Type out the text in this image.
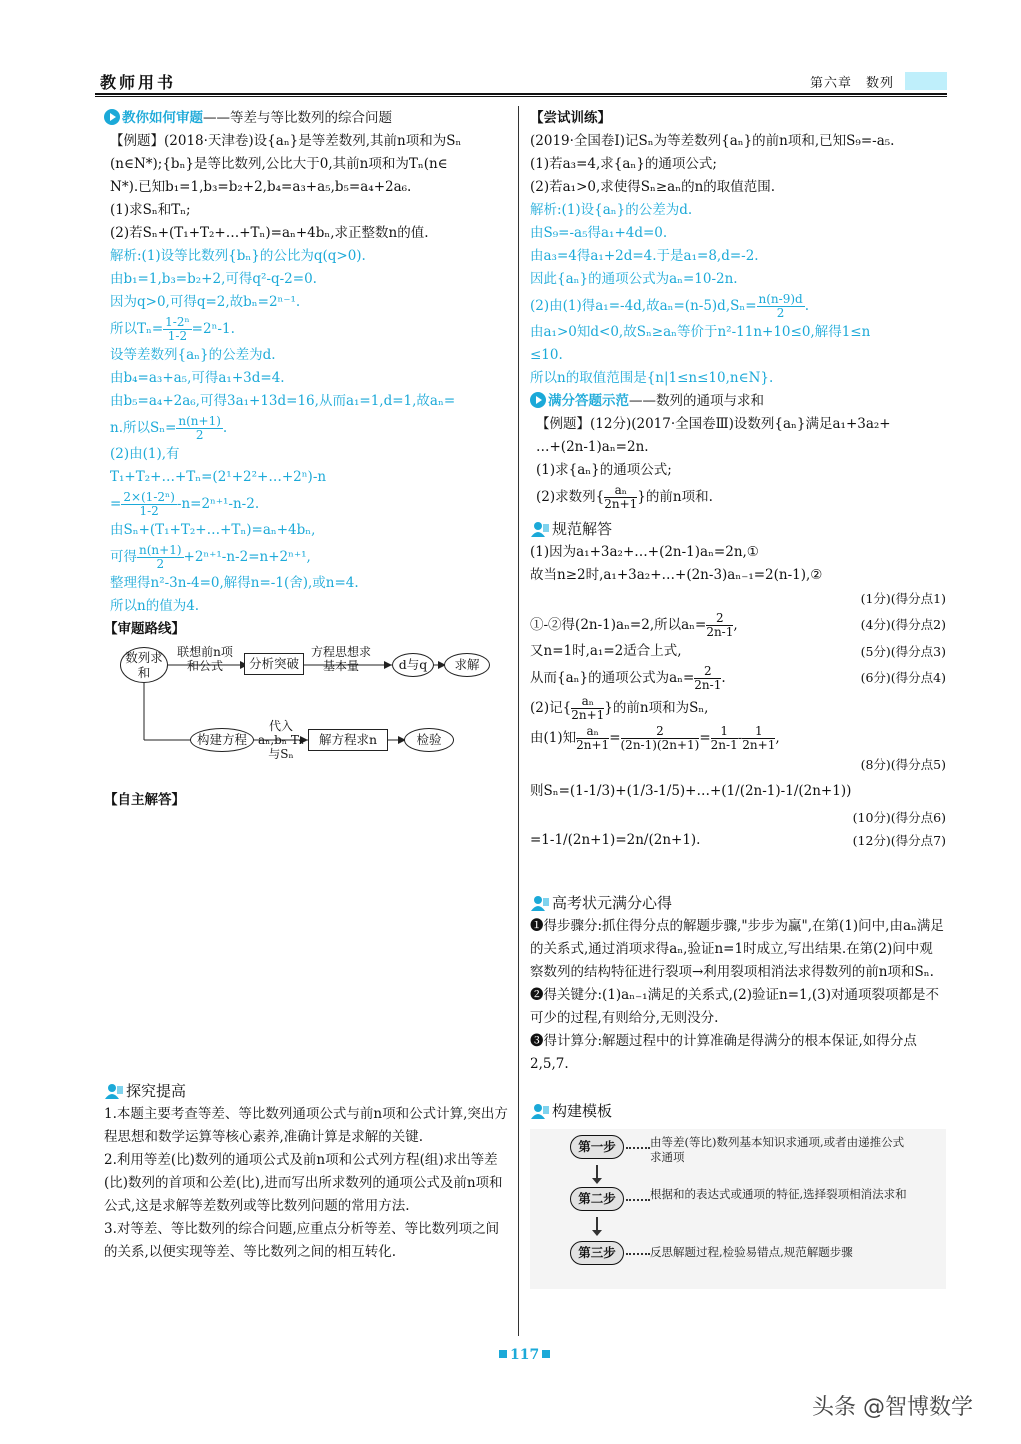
教师用书	第六章　数列
教你如何审题——等差与等比数列的综合问题
【例题】(2018·天津卷)设{aₙ}是等差数列,其前n项和为Sₙ
(n∈N*);{bₙ}是等比数列,公比大于0,其前n项和为Tₙ(n∈
N*).已知b₁=1,b₃=b₂+2,b₄=a₃+a₅,b₅=a₄+2a₆.
(1)求Sₙ和Tₙ;
(2)若Sₙ+(T₁+T₂+…+Tₙ)=aₙ+4bₙ,求正整数n的值.
解析:(1)设等比数列{bₙ}的公比为q(q>0).
由b₁=1,b₃=b₂+2,可得q²-q-2=0.
因为q>0,可得q=2,故bₙ=2ⁿ⁻¹.
所以$T_n= \frac{\text{1-2ⁿ}}{1-2} =2^n-1$.
设等差数列{aₙ}的公差为d.
由b₄=a₃+a₅,可得a₁+3d=4.
由b₅=a₄+2a₆,可得3a₁+13d=16,从而a₁=1,d=1,故aₙ=
n.所以$S_n= \frac{n(n+1)}{2}$ .
(2)由(1),有
T₁+T₂+…+Tₙ=(2¹+2²+…+2ⁿ)-n
= $\frac{\text{2×(1-2ⁿ)}}{1-2} -n=2^{n+1}-n-2$.
由Sₙ+(T₁+T₂+…+Tₙ)=aₙ+4bₙ,
可得 $\frac{n(n+1)}{2} +2^{n+1}-n-2=n+2^{n+1}$,
整理得n²-3n-4=0,解得n=-1(舍),或n=4.
所以n的值为4.
【审题路线】
数列求和
联想前n项和公式	分析突破
方程思想求基本量	d与q	求解
构建方程
代入aₙ,bₙ Tₙ与Sₙ
解方程求n	检验
【自主解答】
探究提高
1.本题主要考查等差、等比数列通项公式与前n项和公式计算,突出方程思想和数学运算等核心素养,准确计算是求解的关键.
2.利用等差(比)数列的通项公式及前n项和公式列方程(组)求出等差(比)数列的首项和公差(比),进而写出所求数列的通项公式及前n项和公式,这是求解等差数列或等比数列问题的常用方法.
3.对等差、等比数列的综合问题,应重点分析等差、等比数列项之间的关系,以便实现等差、等比数列之间的相互转化.
【尝试训练】
(2019·全国卷Ⅰ)记Sₙ为等差数列{aₙ}的前n项和,已知S₉=-a₅.
(1)若a₃=4,求{aₙ}的通项公式;
(2)若a₁>0,求使得Sₙ≥aₙ的n的取值范围.
解析:(1)设{aₙ}的公差为d.
由S₉=-a₅得a₁+4d=0.
由a₃=4得a₁+2d=4.于是a₁=8,d=-2.
因此{aₙ}的通项公式为aₙ=10-2n.
(2)由(1)得a₁=-4d,故$a_n=(n-5)d,S_n= \frac{n(n-9)d}{2}$ .
由a₁>0知d<0,故Sₙ≥aₙ等价于n²-11n+10≤0,解得1≤n
≤10.
所以n的取值范围是{n|1≤n≤10,n∈N}.
满分答题示范——数列的通项与求和
【例题】(12分)(2017·全国卷Ⅲ)设数列{aₙ}满足a₁+3a₂+
…+(2n-1)aₙ=2n.
(1)求{aₙ}的通项公式;
(2)求数列{ $\frac{\text{aₙ}}{2n+1}$ }的前n项和.
规范解答
(1)因为a₁+3a₂+…+(2n-1)aₙ=2n,①
故当n≥2时,a₁+3a₂+…+(2n-3)aₙ₋₁=2(n-1),②
(1分)(得分点1)

①-②得(2n-1)aₙ=2,所以$a_n= \frac{2}{2n-1}$ ,	(4分)(得分点2)
又n=1时,a₁=2适合上式,	(5分)(得分点3)
从而{aₙ}的通项公式为$a_n= \frac{2}{2n-1}$ .	(6分)(得分点4)
(2)记{ $\frac{\text{aₙ}}{2n+1}$ }的前n项和为Sₙ,
由(1)知 $\frac{\text{aₙ}}{2n+1} = \frac{2}{(2n-1)(2n+1)} = \frac{1}{2n-1} - \frac{1}{2n+1}$ ,
(8分)(得分点5)

则Sₙ=(1-1/3)+(1/3-1/5)+…+(1/(2n-1)-1/(2n+1))
(10分)(得分点6)

=1-1/(2n+1)=2n/(2n+1).	(12分)(得分点7)
高考状元满分心得
❶得步骤分:抓住得分点的解题步骤,"步步为赢",在第(1)问中,由aₙ满足的关系式,通过消项求得aₙ,验证n=1时成立,写出结果.在第(2)问中观察数列的结构特征进行裂项→利用裂项相消法求得数列的前n项和Sₙ.
❷得关键分:(1)aₙ₋₁满足的关系式,(2)验证n=1,(3)对通项裂项都是不可少的过程,有则给分,无则没分.
❸得计算分:解题过程中的计算准确是得满分的根本保证,如得分点2,5,7.
构建模板
第一步	由等差(等比)数列基本知识求通项,或者由递推公式求通项
第二步	根据和的表达式或通项的特征,选择裂项相消法求和
第三步	反思解题过程,检验易错点,规范解题步骤
117
头条 @智博数学
